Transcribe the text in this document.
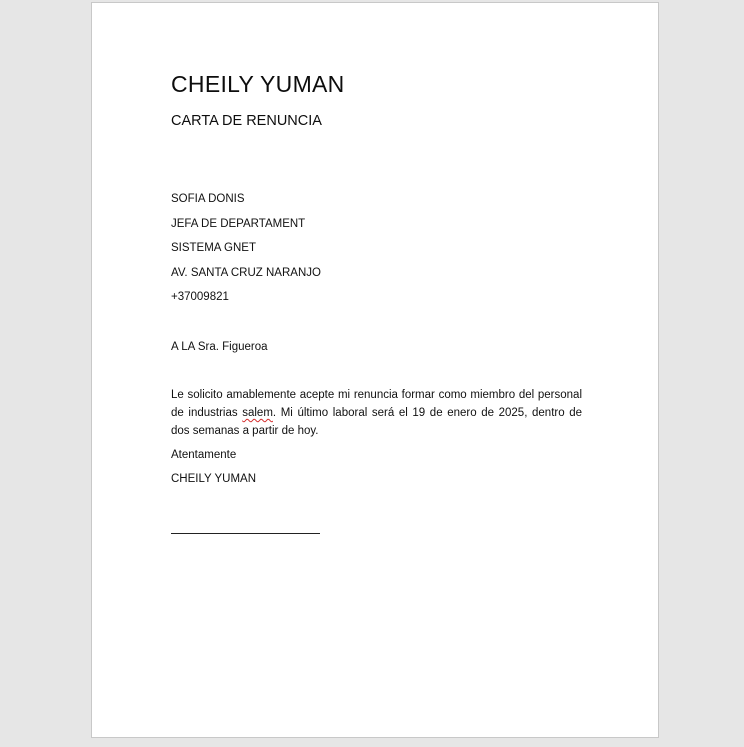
CHEILY YUMAN
CARTA DE RENUNCIA
SOFIA DONIS
JEFA DE DEPARTAMENT
SISTEMA GNET
AV. SANTA CRUZ NARANJO
+37009821
A LA Sra. Figueroa
Le solicito amablemente acepte mi renuncia formar como miembro del personal de industrias salem. Mi último laboral será el 19 de enero de 2025, dentro de dos semanas a partir de hoy.
Atentamente
CHEILY YUMAN
